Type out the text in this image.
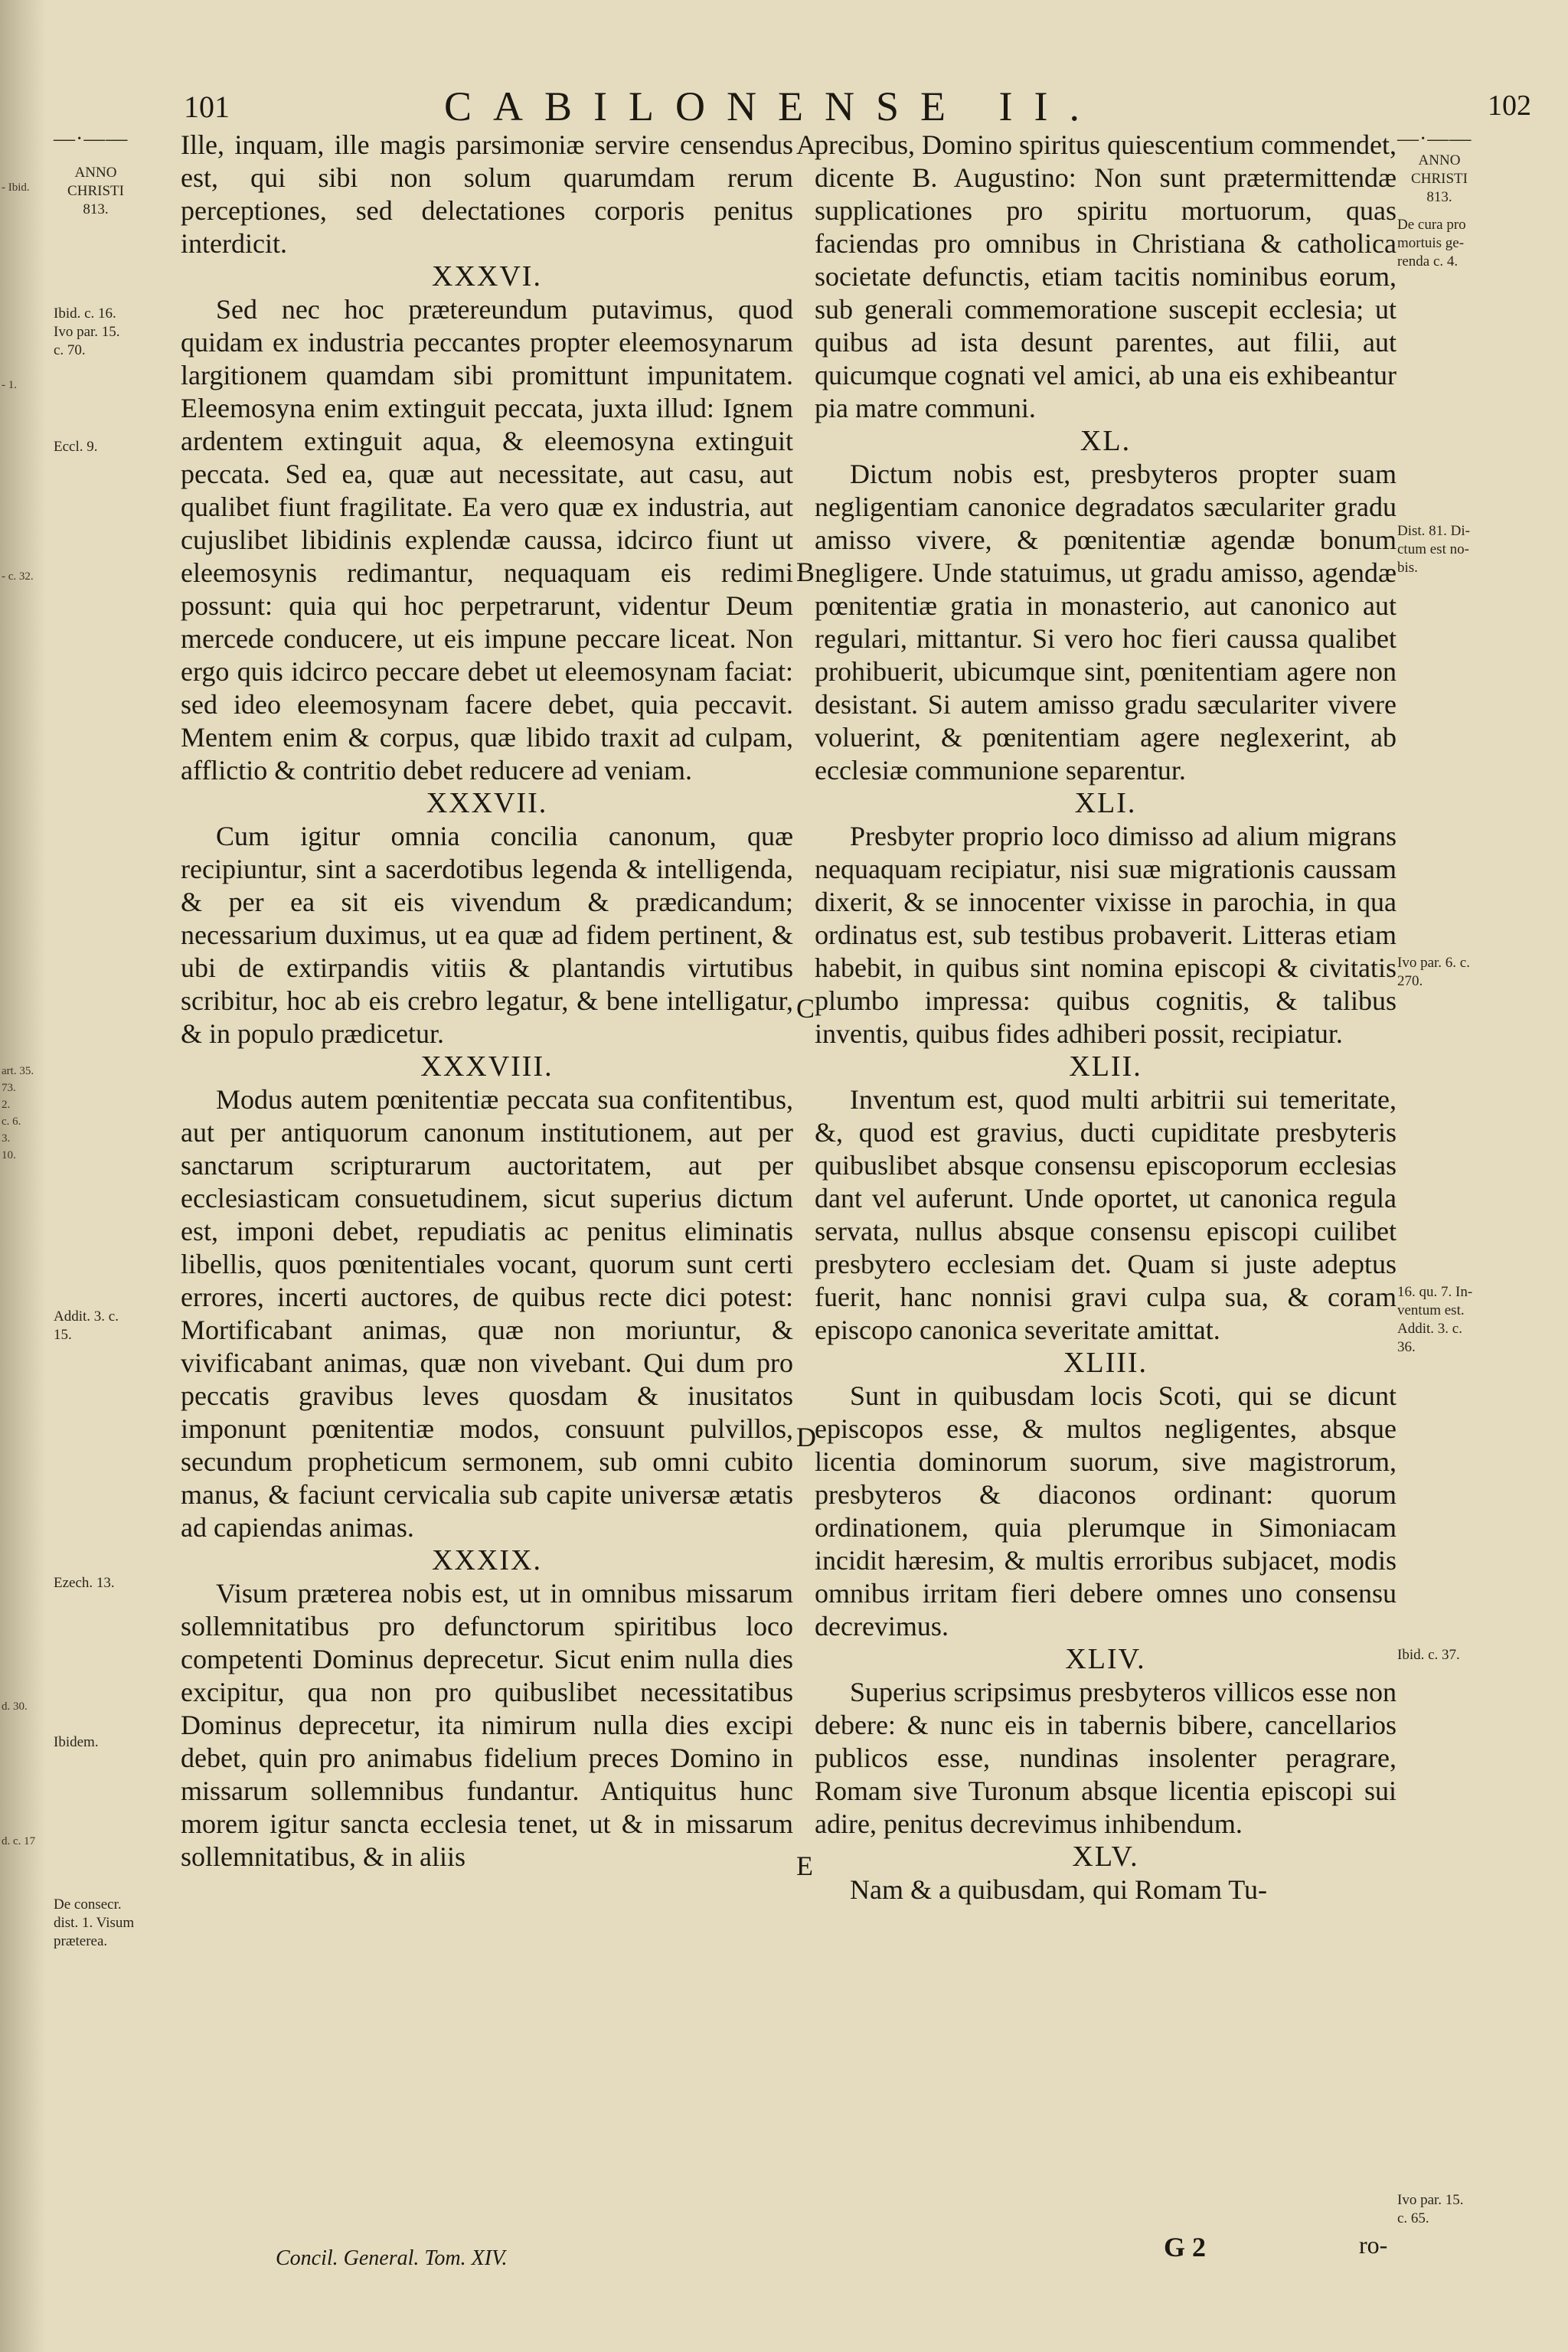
- Ibid.
- 1.
- c. 32.
art. 35.
73.
2.
c. 6.
3.
10.
d. 30.
d. c. 17
101	CABILONENSE II.	102
—·——
ANNO
CHRISTI
813.
Ibid. c. 16.
Ivo par. 15.
c. 70.
Eccl. 9.
Addit. 3. c.
15.
Ezech. 13.
Ibidem.
De consecr.
dist. 1. Visum
præterea.

Ille, inquam, ille magis parsimoniæ servire censendus est, qui sibi non solum quarumdam rerum perceptiones, sed delectationes corporis penitus interdicit.

XXXVI.

Sed nec hoc prætereundum putavimus, quod quidam ex industria peccantes propter eleemosynarum largitionem quamdam sibi promittunt impunitatem. Eleemosyna enim extinguit peccata, juxta illud: Ignem ardentem extinguit aqua, & eleemosyna extinguit peccata. Sed ea, quæ aut necessitate, aut casu, aut qualibet fiunt fragilitate. Ea vero quæ ex industria, aut cujuslibet libidinis explendæ caussa, idcirco fiunt ut eleemosynis redimantur, nequaquam eis redimi possunt: quia qui hoc perpetrarunt, videntur Deum mercede conducere, ut eis impune peccare liceat. Non ergo quis idcirco peccare debet ut eleemosynam faciat: sed ideo eleemosynam facere debet, quia peccavit. Mentem enim & corpus, quæ libido traxit ad culpam, afflictio & contritio debet reducere ad veniam.

XXXVII.

Cum igitur omnia concilia canonum, quæ recipiuntur, sint a sacerdotibus legenda & intelligenda, & per ea sit eis vivendum & prædicandum; necessarium duximus, ut ea quæ ad fidem pertinent, & ubi de extirpandis vitiis & plantandis virtutibus scribitur, hoc ab eis crebro legatur, & bene intelligatur, & in populo prædicetur.

XXXVIII.

Modus autem pœnitentiæ peccata sua confitentibus, aut per antiquorum canonum institutionem, aut per sanctarum scripturarum auctoritatem, aut per ecclesiasticam consuetudinem, sicut superius dictum est, imponi debet, repudiatis ac penitus eliminatis libellis, quos pœnitentiales vocant, quorum sunt certi errores, incerti auctores, de quibus recte dici potest: Mortificabant animas, quæ non moriuntur, & vivificabant animas, quæ non vivebant. Qui dum pro peccatis gravibus leves quosdam & inusitatos imponunt pœnitentiæ modos, consuunt pulvillos, secundum propheticum sermonem, sub omni cubito manus, & faciunt cervicalia sub capite universæ ætatis ad capiendas animas.

XXXIX.

Visum præterea nobis est, ut in omnibus missarum sollemnitatibus pro defunctorum spiritibus loco competenti Dominus deprecetur. Sicut enim nulla dies excipitur, qua non pro quibuslibet necessitatibus Dominus deprecetur, ita nimirum nulla dies excipi debet, quin pro animabus fidelium preces Domino in missarum sollemnibus fundantur. Antiquitus hunc morem igitur sancta ecclesia tenet, ut & in missarum sollemnitatibus, & in aliis

A
B
C
D
E

precibus, Domino spiritus quiescentium commendet, dicente B. Augustino: Non sunt prætermittendæ supplicationes pro spiritu mortuorum, quas faciendas pro omnibus in Christiana & catholica societate defunctis, etiam tacitis nominibus eorum, sub generali commemoratione suscepit ecclesia; ut quibus ad ista desunt parentes, aut filii, aut quicumque cognati vel amici, ab una eis exhibeantur pia matre communi.

XL.

Dictum nobis est, presbyteros propter suam negligentiam canonice degradatos sæculariter gradu amisso vivere, & pœnitentiæ agendæ bonum negligere. Unde statuimus, ut gradu amisso, agendæ pœnitentiæ gratia in monasterio, aut canonico aut regulari, mittantur. Si vero hoc fieri caussa qualibet prohibuerit, ubicumque sint, pœnitentiam agere non desistant. Si autem amisso gradu sæculariter vivere voluerint, & pœnitentiam agere neglexerint, ab ecclesiæ communione separentur.

XLI.

Presbyter proprio loco dimisso ad alium migrans nequaquam recipiatur, nisi suæ migrationis caussam dixerit, & se innocenter vixisse in parochia, in qua ordinatus est, sub testibus probaverit. Litteras etiam habebit, in quibus sint nomina episcopi & civitatis plumbo impressa: quibus cognitis, & talibus inventis, quibus fides adhiberi possit, recipiatur.

XLII.

Inventum est, quod multi arbitrii sui temeritate, &, quod est gravius, ducti cupiditate presbyteris quibuslibet absque consensu episcoporum ecclesias dant vel auferunt. Unde oportet, ut canonica regula servata, nullus absque consensu episcopi cuilibet presbytero ecclesiam det. Quam si juste adeptus fuerit, hanc nonnisi gravi culpa sua, & coram episcopo canonica severitate amittat.

XLIII.

Sunt in quibusdam locis Scoti, qui se dicunt episcopos esse, & multos negligentes, absque licentia dominorum suorum, sive magistrorum, presbyteros & diaconos ordinant: quorum ordinationem, quia plerumque in Simoniacam incidit hæresim, & multis erroribus subjacet, modis omnibus irritam fieri debere omnes uno consensu decrevimus.

XLIV.

Superius scripsimus presbyteros villicos esse non debere: & nunc eis in tabernis bibere, cancellarios publicos esse, nundinas insolenter peragrare, Romam sive Turonum absque licentia episcopi sui adire, penitus decrevimus inhibendum.

XLV.

Nam & a quibusdam, qui Romam Tu-

—·——
ANNO
CHRISTI
813.
De cura pro
mortuis ge-
renda c. 4.
Dist. 81. Di-
ctum est no-
bis.
Ivo par. 6. c.
270.
16. qu. 7. In-
ventum est.
Addit. 3. c.
36.
Ibid. c. 37.
Ivo par. 15.
c. 65.
Concil. General. Tom. XIV.	G 2	ro-
